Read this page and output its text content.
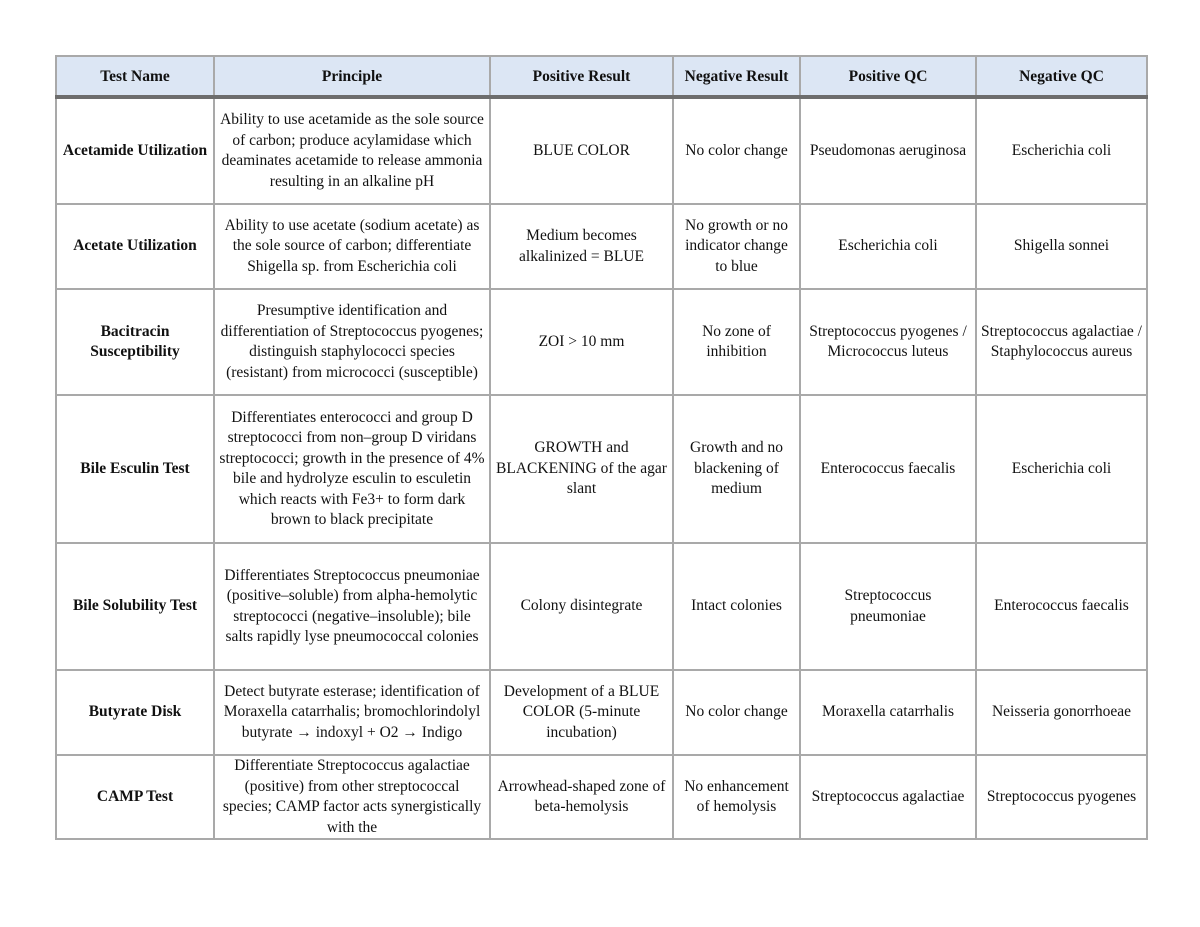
Test Name	Principle	Positive Result	Negative Result	Positive QC	Negative QC
Acetamide Utilization	Ability to use acetamide as the sole source of carbon; produce acylamidase which deaminates acetamide to release ammonia resulting in an alkaline pH	BLUE COLOR	No color change	Pseudomonas aeruginosa	Escherichia coli
Acetate Utilization	Ability to use acetate (sodium acetate) as the sole source of carbon; differentiate Shigella sp. from Escherichia coli	Medium becomes alkalinized = BLUE	No growth or no indicator change to blue	Escherichia coli	Shigella sonnei
Bacitracin Susceptibility	Presumptive identification and differentiation of Streptococcus pyogenes; distinguish staphylococci species (resistant) from micrococci (susceptible)	ZOI > 10 mm	No zone of inhibition	Streptococcus pyogenes / Micrococcus luteus	Streptococcus agalactiae / Staphylococcus aureus
Bile Esculin Test	Differentiates enterococci and group D streptococci from non–group D viridans streptococci; growth in the presence of 4% bile and hydrolyze esculin to esculetin which reacts with Fe3+ to form dark brown to black precipitate	GROWTH and BLACKENING of the agar slant	Growth and no blackening of medium	Enterococcus faecalis	Escherichia coli
Bile Solubility Test	Differentiates Streptococcus pneumoniae (positive–soluble) from alpha-hemolytic streptococci (negative–insoluble); bile salts rapidly lyse pneumococcal colonies	Colony disintegrate	Intact colonies	Streptococcus pneumoniae	Enterococcus faecalis
Butyrate Disk	Detect butyrate esterase; identification of Moraxella catarrhalis; bromochlorindolyl butyrate → indoxyl + O2 → Indigo	Development of a BLUE COLOR (5-minute incubation)	No color change	Moraxella catarrhalis	Neisseria gonorrhoeae
CAMP Test	Differentiate Streptococcus agalactiae (positive) from other streptococcal species; CAMP factor acts synergistically with the	Arrowhead-shaped zone of beta-hemolysis	No enhancement of hemolysis	Streptococcus agalactiae	Streptococcus pyogenes
